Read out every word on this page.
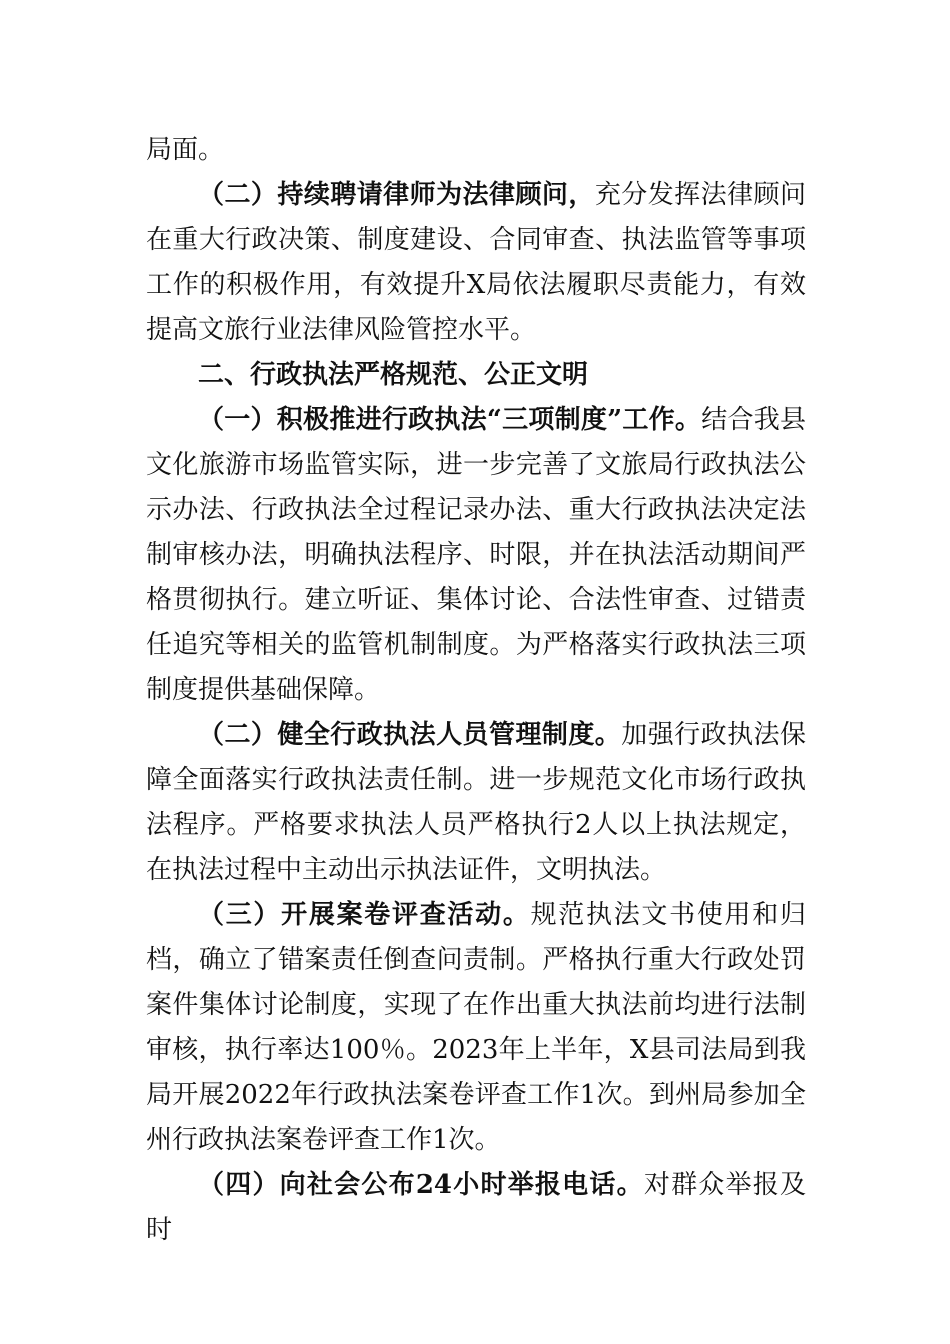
局面。

（二）持续聘请律师为法律顾问，充分发挥法律顾问在重大行政决策、制度建设、合同审查、执法监管等事项工作的积极作用，有效提升X局依法履职尽责能力，有效提高文旅行业法律风险管控水平。

二、行政执法严格规范、公正文明

（一）积极推进行政执法“三项制度”工作。结合我县文化旅游市场监管实际，进一步完善了文旅局行政执法公示办法、行政执法全过程记录办法、重大行政执法决定法制审核办法，明确执法程序、时限，并在执法活动期间严格贯彻执行。建立听证、集体讨论、合法性审查、过错责任追究等相关的监管机制制度。为严格落实行政执法三项制度提供基础保障。

（二）健全行政执法人员管理制度。加强行政执法保障全面落实行政执法责任制。进一步规范文化市场行政执法程序。严格要求执法人员严格执行2人以上执法规定，在执法过程中主动出示执法证件，文明执法。

（三）开展案卷评查活动。规范执法文书使用和归档，确立了错案责任倒查问责制。严格执行重大行政处罚案件集体讨论制度，实现了在作出重大执法前均进行法制审核，执行率达100％。2023年上半年，X县司法局到我局开展2022年行政执法案卷评查工作1次。到州局参加全州行政执法案卷评查工作1次。

（四）向社会公布24小时举报电话。对群众举报及时
